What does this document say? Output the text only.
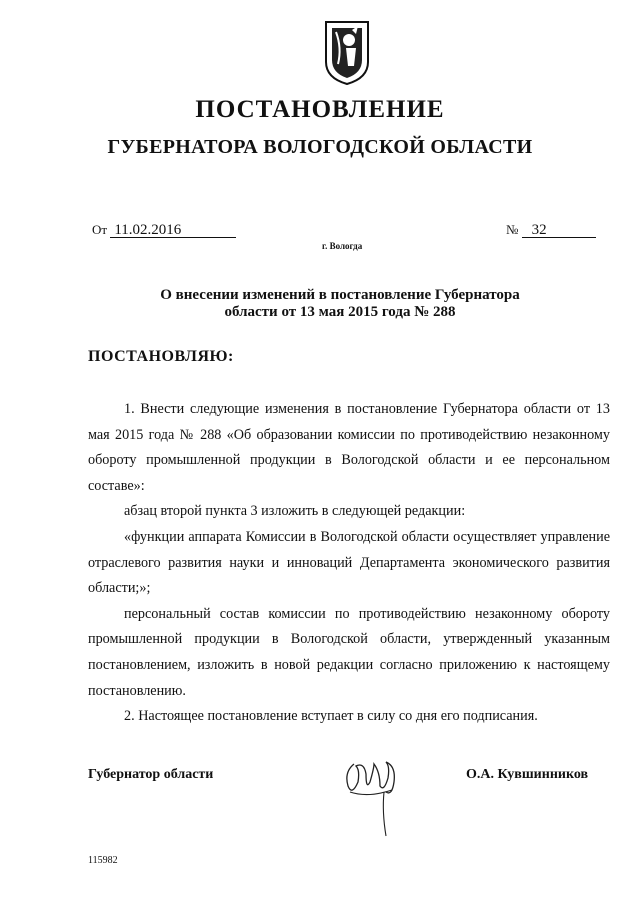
ПОСТАНОВЛЕНИЕ
ГУБЕРНАТОРА ВОЛОГОДСКОЙ ОБЛАСТИ
От 11.02.2016	№ 32
г. Вологда
О внесении изменений в постановление Губернатора
области от 13 мая 2015 года № 288
ПОСТАНОВЛЯЮ:

1. Внести следующие изменения в постановление Губернатора области от 13 мая 2015 года № 288 «Об образовании комиссии по противодействию незаконному обороту промышленной продукции в Вологодской области и ее персональном составе»:

абзац второй пункта 3 изложить в следующей редакции:

«функции аппарата Комиссии в Вологодской области осуществляет управление отраслевого развития науки и инноваций Департамента экономического развития области;»;

персональный состав комиссии по противодействию незаконному обороту промышленной продукции в Вологодской области, утвержденный указанным постановлением, изложить в новой редакции согласно приложению к настоящему постановлению.

2. Настоящее постановление вступает в силу со дня его подписания.

Губернатор области	О.А. Кувшинников
115982
